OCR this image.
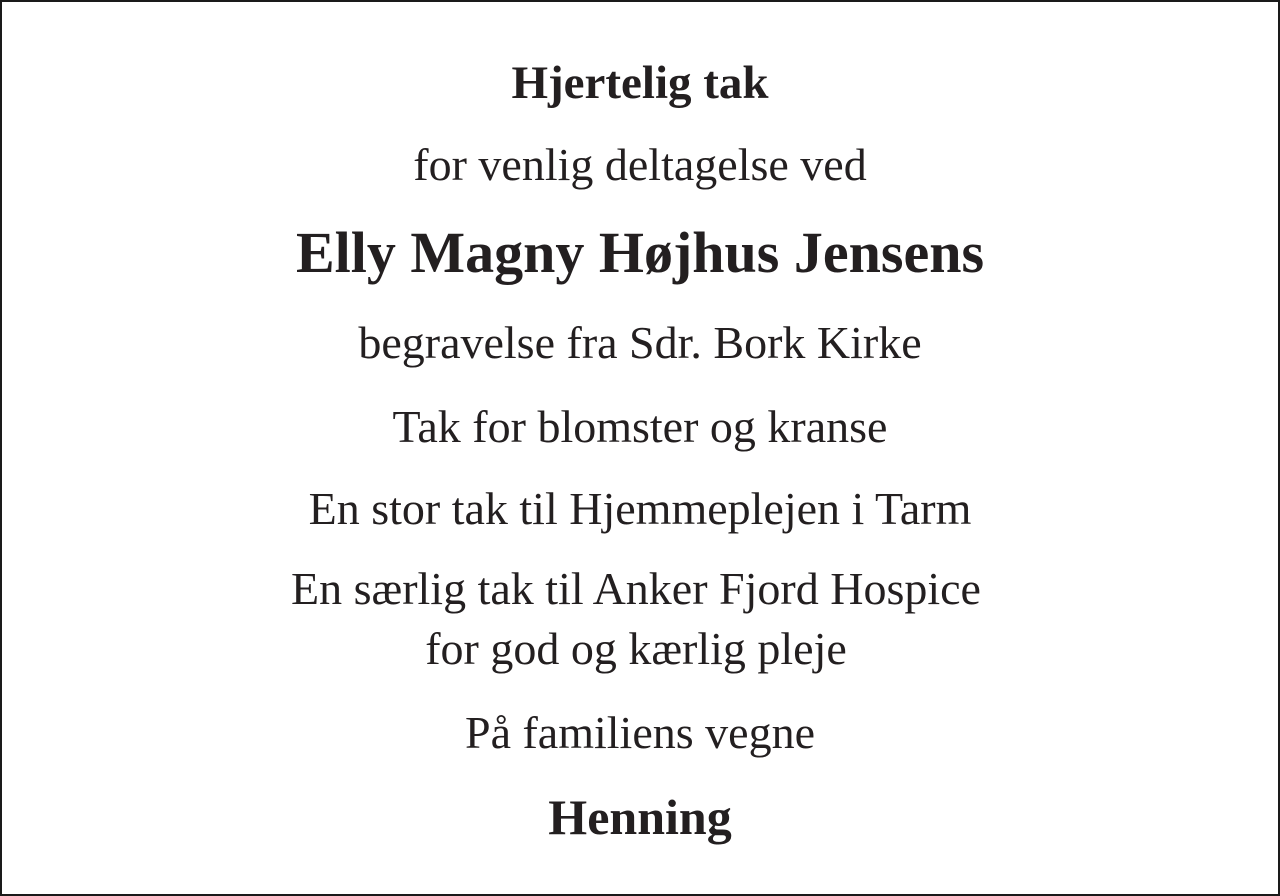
Hjertelig tak
for venlig deltagelse ved
Elly Magny Højhus Jensens
begravelse fra Sdr. Bork Kirke
Tak for blomster og kranse
En stor tak til Hjemmeplejen i Tarm
En særlig tak til Anker Fjord Hospice
for god og kærlig pleje
På familiens vegne
Henning
